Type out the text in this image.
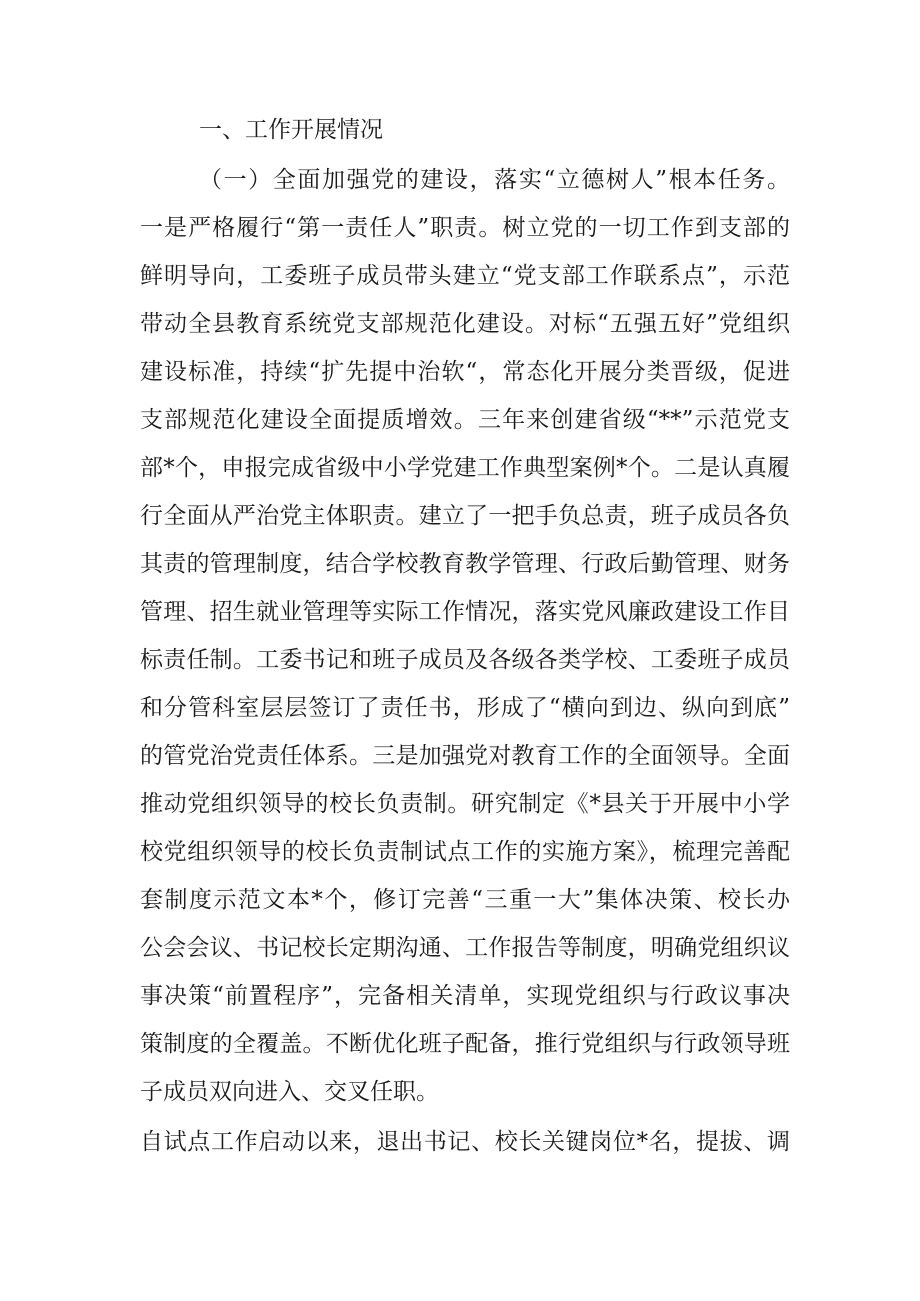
一、工作开展情况
（一）全面加强党的建设，落实“立德树人”根本任务。
一是严格履行“第一责任人”职责。树立党的一切工作到支部的
鲜明导向，工委班子成员带头建立“党支部工作联系点”，示范
带动全县教育系统党支部规范化建设。对标“五强五好”党组织
建设标准，持续“扩先提中治软“，常态化开展分类晋级，促进
支部规范化建设全面提质增效。三年来创建省级“**”示范党支
部*个，申报完成省级中小学党建工作典型案例*个。二是认真履
行全面从严治党主体职责。建立了一把手负总责，班子成员各负
其责的管理制度，结合学校教育教学管理、行政后勤管理、财务
管理、招生就业管理等实际工作情况，落实党风廉政建设工作目
标责任制。工委书记和班子成员及各级各类学校、工委班子成员
和分管科室层层签订了责任书，形成了“横向到边、纵向到底”
的管党治党责任体系。三是加强党对教育工作的全面领导。全面
推动党组织领导的校长负责制。研究制定《*县关于开展中小学
校党组织领导的校长负责制试点工作的实施方案》，梳理完善配
套制度示范文本*个，修订完善“三重一大”集体决策、校长办
公会会议、书记校长定期沟通、工作报告等制度，明确党组织议
事决策“前置程序”，完备相关清单，实现党组织与行政议事决
策制度的全覆盖。不断优化班子配备，推行党组织与行政领导班
子成员双向进入、交叉任职。
自试点工作启动以来，退出书记、校长关键岗位*名，提拔、调
